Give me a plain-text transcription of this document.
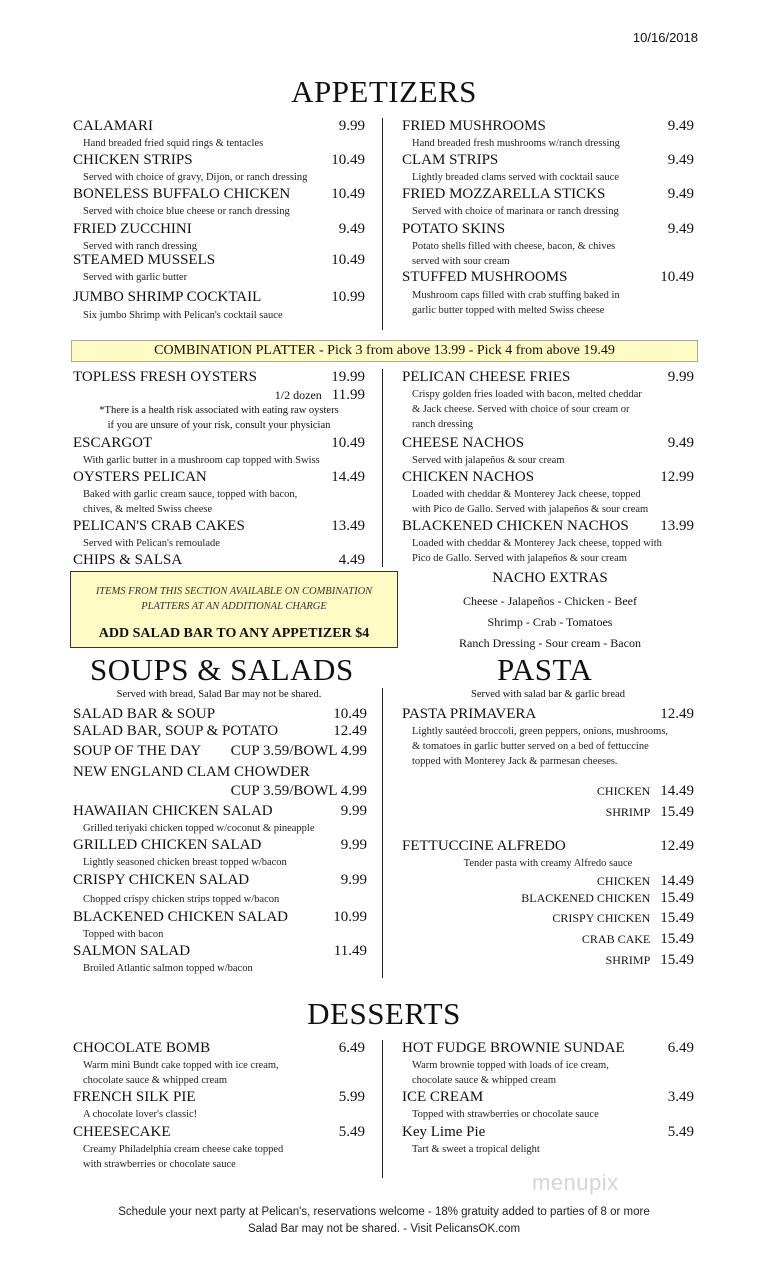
10/16/2018
APPETIZERS
CALAMARI	9.99
Hand breaded fried squid rings & tentacles
CHICKEN STRIPS	10.49
Served with choice of gravy, Dijon, or ranch dressing
BONELESS BUFFALO CHICKEN	10.49
Served with choice blue cheese or ranch dressing
FRIED ZUCCHINI	9.49
Served with ranch dressing
STEAMED MUSSELS	10.49
Served with garlic butter
JUMBO SHRIMP COCKTAIL	10.99
Six jumbo Shrimp with Pelican's cocktail sauce
FRIED MUSHROOMS	9.49
Hand breaded fresh mushrooms w/ranch dressing
CLAM STRIPS	9.49
Lightly breaded clams served with cocktail sauce
FRIED MOZZARELLA STICKS	9.49
Served with choice of marinara or ranch dressing
POTATO SKINS	9.49
Potato shells filled with cheese, bacon, & chives
served with sour cream
STUFFED MUSHROOMS	10.49
Mushroom caps filled with crab stuffing baked in
garlic butter topped with melted Swiss cheese
COMBINATION PLATTER - Pick 3 from above 13.99 - Pick 4 from above 19.49
TOPLESS FRESH OYSTERS	19.99
1/2 dozen 11.99
*There is a health risk associated with eating raw oysters
if you are unsure of your risk, consult your physician
ESCARGOT	10.49
With garlic butter in a mushroom cap topped with Swiss
OYSTERS PELICAN	14.49
Baked with garlic cream sauce, topped with bacon,
chives, & melted Swiss cheese
PELICAN'S CRAB CAKES	13.49
Served with Pelican's remoulade
CHIPS & SALSA	4.49
PELICAN CHEESE FRIES	9.99
Crispy golden fries loaded with bacon, melted cheddar
& Jack cheese. Served with choice of sour cream or
ranch dressing
CHEESE NACHOS	9.49
Served with jalapeños & sour cream
CHICKEN NACHOS	12.99
Loaded with cheddar & Monterey Jack cheese, topped
with Pico de Gallo. Served with jalapeños & sour cream
BLACKENED CHICKEN NACHOS 13.99
Loaded with cheddar & Monterey Jack cheese, topped with
Pico de Gallo. Served with jalapeños & sour cream
ITEMS FROM THIS SECTION AVAILABLE ON COMBINATION
PLATTERS AT AN ADDITIONAL CHARGE
ADD SALAD BAR TO ANY APPETIZER $4
NACHO EXTRAS
Cheese - Jalapeños - Chicken - Beef
Shrimp - Crab - Tomatoes
Ranch Dressing - Sour cream - Bacon
SOUPS & SALADS	PASTA
Served with bread, Salad Bar may not be shared.	Served with salad bar & garlic bread
SALAD BAR & SOUP	10.49
SALAD BAR, SOUP & POTATO	12.49
SOUP OF THE DAY CUP 3.59/BOWL 4.99
NEW ENGLAND CLAM CHOWDER
CUP 3.59/BOWL 4.99
HAWAIIAN CHICKEN SALAD	9.99
Grilled teriyaki chicken topped w/coconut & pineapple
GRILLED CHICKEN SALAD	9.99
Lightly seasoned chicken breast topped w/bacon
CRISPY CHICKEN SALAD	9.99
Chopped crispy chicken strips topped w/bacon
BLACKENED CHICKEN SALAD	10.99
Topped with bacon
SALMON SALAD	11.49
Broiled Atlantic salmon topped w/bacon
PASTA PRIMAVERA	12.49
Lightly sautéed broccoli, green peppers, onions, mushrooms,
& tomatoes in garlic butter served on a bed of fettuccine
topped with Monterey Jack & parmesan cheeses.
CHICKEN 14.49
SHRIMP 15.49
FETTUCCINE ALFREDO	12.49
Tender pasta with creamy Alfredo sauce
CHICKEN 14.49
BLACKENED CHICKEN 15.49
CRISPY CHICKEN 15.49
CRAB CAKE 15.49
SHRIMP 15.49
DESSERTS
CHOCOLATE BOMB	6.49
Warm mini Bundt cake topped with ice cream,
chocolate sauce & whipped cream
FRENCH SILK PIE	5.99
A chocolate lover's classic!
CHEESECAKE	5.49
Creamy Philadelphia cream cheese cake topped
with strawberries or chocolate sauce
HOT FUDGE BROWNIE SUNDAE	6.49
Warm brownie topped with loads of ice cream,
chocolate sauce & whipped cream
ICE CREAM	3.49
Topped with strawberries or chocolate sauce
Key Lime Pie	5.49
Tart & sweet a tropical delight
menupix
Schedule your next party at Pelican's, reservations welcome - 18% gratuity added to parties of 8 or more
Salad Bar may not be shared. - Visit PelicansOK.com
